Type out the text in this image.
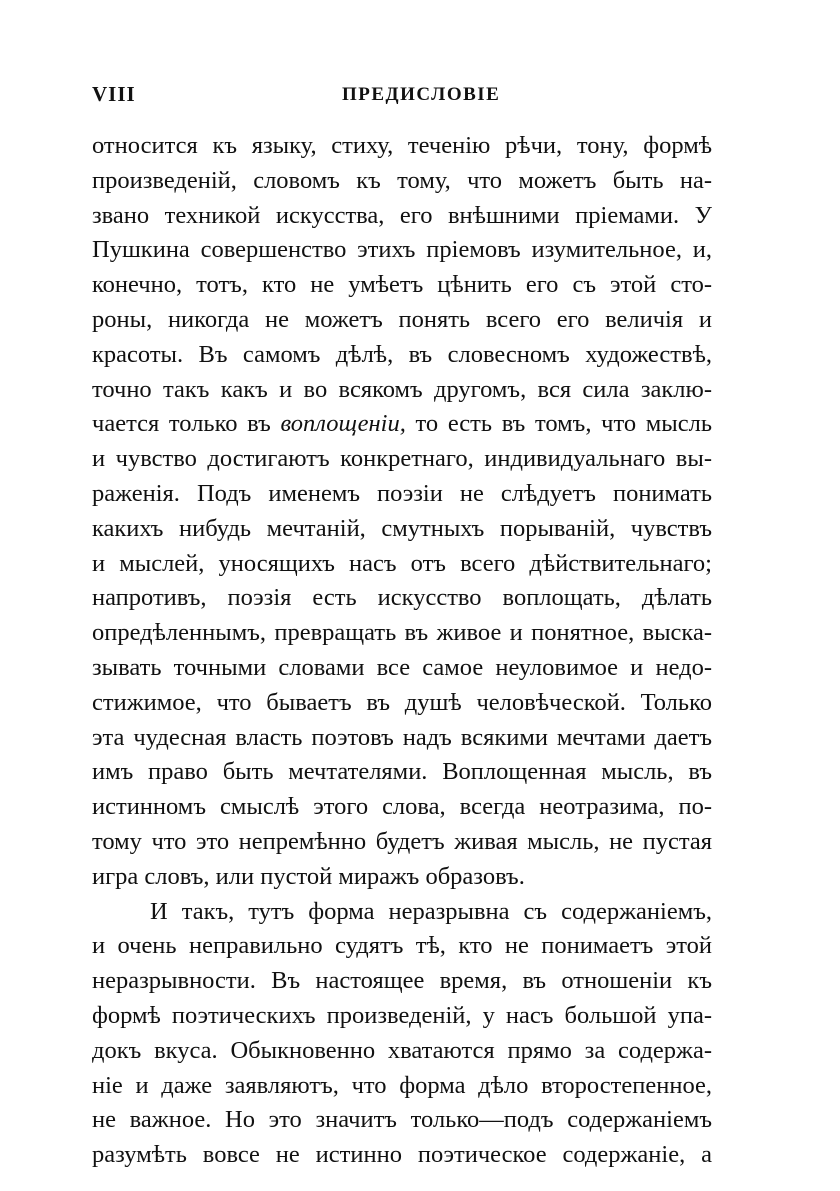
VIII	ПРЕДИСЛОВІЕ
относится къ языку, стиху, теченію рѣчи, тону, формѣ
произведеній, словомъ къ тому, что можетъ быть на-
звано техникой искусства, его внѣшними пріемами. У
Пушкина совершенство этихъ пріемовъ изумительное, и,
конечно, тотъ, кто не умѣетъ цѣнить его съ этой сто-
роны, никогда не можетъ понять всего его величія и
красоты. Въ самомъ дѣлѣ, въ словесномъ художествѣ,
точно такъ какъ и во всякомъ другомъ, вся сила заклю-
чается только въ воплощеніи, то есть въ томъ, что мысль
и чувство достигаютъ конкретнаго, индивидуальнаго вы-
раженія. Подъ именемъ поэзіи не слѣдуетъ понимать
какихъ нибудь мечтаній, смутныхъ порываній, чувствъ
и мыслей, уносящихъ насъ отъ всего дѣйствительнаго;
напротивъ, поэзія есть искусство воплощать, дѣлать
опредѣленнымъ, превращать въ живое и понятное, выска-
зывать точными словами все самое неуловимое и недо-
стижимое, что бываетъ въ душѣ человѣческой. Только
эта чудесная власть поэтовъ надъ всякими мечтами даетъ
имъ право быть мечтателями. Воплощенная мысль, въ
истинномъ смыслѣ этого слова, всегда неотразима, по-
тому что это непремѣнно будетъ живая мысль, не пустая
игра словъ, или пустой миражъ образовъ.
И такъ, тутъ форма неразрывна съ содержаніемъ,
и очень неправильно судятъ тѣ, кто не понимаетъ этой
неразрывности. Въ настоящее время, въ отношеніи къ
формѣ поэтическихъ произведеній, у насъ большой упа-
докъ вкуса. Обыкновенно хватаются прямо за содержа-
ніе и даже заявляютъ, что форма дѣло второстепенное,
не важное. Но это значитъ только—подъ содержаніемъ
разумѣть вовсе не истинно поэтическое содержаніе, а
